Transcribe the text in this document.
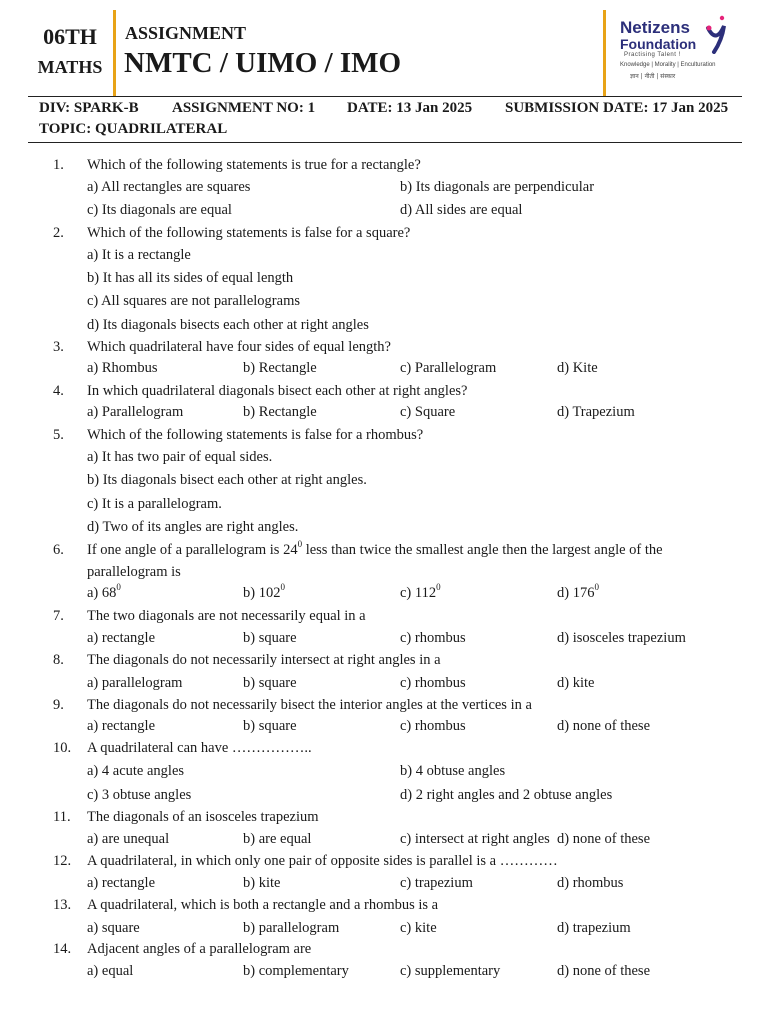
06TH
MATHS
ASSIGNMENT
NMTC / UIMO / IMO
Netizens
Foundation
Practising Talent !
Knowledge | Morality | Enculturation
ज्ञान | नीती | संस्कार
DIV: SPARK-B ASSIGNMENT NO: 1 DATE: 13 Jan 2025 SUBMISSION DATE: 17 Jan 2025
TOPIC: QUADRILATERAL
1. Which of the following statements is true for a rectangle?
a) All rectangles are squares	b) Its diagonals are perpendicular
c) Its diagonals are equal	d) All sides are equal
2. Which of the following statements is false for a square?
a) It is a rectangle
b) It has all its sides of equal length
c) All squares are not parallelograms
d) Its diagonals bisects each other at right angles
3. Which quadrilateral have four sides of equal length?
a) Rhombus	b) Rectangle	c) Parallelogram	d) Kite
4. In which quadrilateral diagonals bisect each other at right angles?
a) Parallelogram	b) Rectangle	c) Square	d) Trapezium
5. Which of the following statements is false for a rhombus?
a) It has two pair of equal sides.
b) Its diagonals bisect each other at right angles.
c) It is a parallelogram.
d) Two of its angles are right angles.
6. If one angle of a parallelogram is $24^0$ less than twice the smallest angle then the largest angle of the
parallelogram is
a) $68^0$	b) $102^0$	c) $112^0$	d) $176^0$
7. The two diagonals are not necessarily equal in a
a) rectangle	b) square	c) rhombus	d) isosceles trapezium
8. The diagonals do not necessarily intersect at right angles in a
a) parallelogram	b) square	c) rhombus	d) kite
9. The diagonals do not necessarily bisect the interior angles at the vertices in a
a) rectangle	b) square	c) rhombus	d) none of these
10. A quadrilateral can have ……………..
a) 4 acute angles	b) 4 obtuse angles
c) 3 obtuse angles	d) 2 right angles and 2 obtuse angles
11. The diagonals of an isosceles trapezium
a) are unequal	b) are equal	c) intersect at right angles d) none of these
12. A quadrilateral, in which only one pair of opposite sides is parallel is a …………
a) rectangle	b) kite	c) trapezium	d) rhombus
13. A quadrilateral, which is both a rectangle and a rhombus is a
a) square	b) parallelogram	c) kite	d) trapezium
14. Adjacent angles of a parallelogram are
a) equal	b) complementary	c) supplementary	d) none of these
